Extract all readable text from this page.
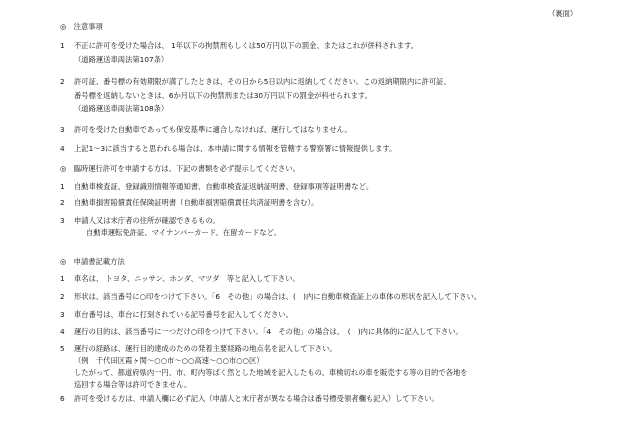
（裏面）
◎　注意事項
1 不正に許可を受けた場合は、 1年以下の拘禁刑もしくは50万円以下の罰金、またはこれが併科されます。
（道路運送車両法第107条）
2 許可証、番号標の有効期限が満了したときは、その日から5日以内に返納してください。この返納期限内に許可証、
番号標を返納しないときは、6か月以下の拘禁刑または30万円以下の罰金が科せられます。
（道路運送車両法第108条）
3 許可を受けた自動車であっても保安基準に適合しなければ、運行してはなりません。
4 上記1～3に該当すると思われる場合は、本申請に関する情報を管轄する警察署に情報提供します。
◎　臨時運行許可を申請する方は、下記の書類を必ず提示してください。
1 自動車検査証、登録識別情報等通知書、自動車検査証返納証明書、登録事項等証明書など。
2 自動車損害賠償責任保険証明書（自動車損害賠償責任共済証明書を含む）。
3 申請人又は末庁者の住所が確認できるもの。
自動車運転免許証、マイナンバーカード、在留カードなど。
◎　申請書記載方法
1 車名は、 トヨタ、ニッサン、ホンダ、マツダ　等と記入して下さい。
2 形状は、該当番号に○印をつけて下さい。「6　その他」の場合は、(　)内に自動車検査証上の車体の形状を記入して下さい。
3 車台番号は、車台に打刻されている記号番号を記入してください。
4 運行の目的は、該当番号に一つだけ○印をつけて下さい。「4　その他」の場合は、　(　)内に具体的に記入して下さい。
5 運行の経路は、運行目的達成のための発着主要経路の地点名を記入して下さい。
（例　千代田区霞ヶ関～○○市～○○高速～○○市○○区）
したがって、都道府県内一円、市、町内等ばく然とした地域を記入したもの、車検切れの車を販売する等の目的で各地を
巡回する場合等は許可できません。
6 許可を受ける方は、申請人欄に必ず記入（申請人と末庁者が異なる場合は番号標受領者欄も記入）して下さい。
